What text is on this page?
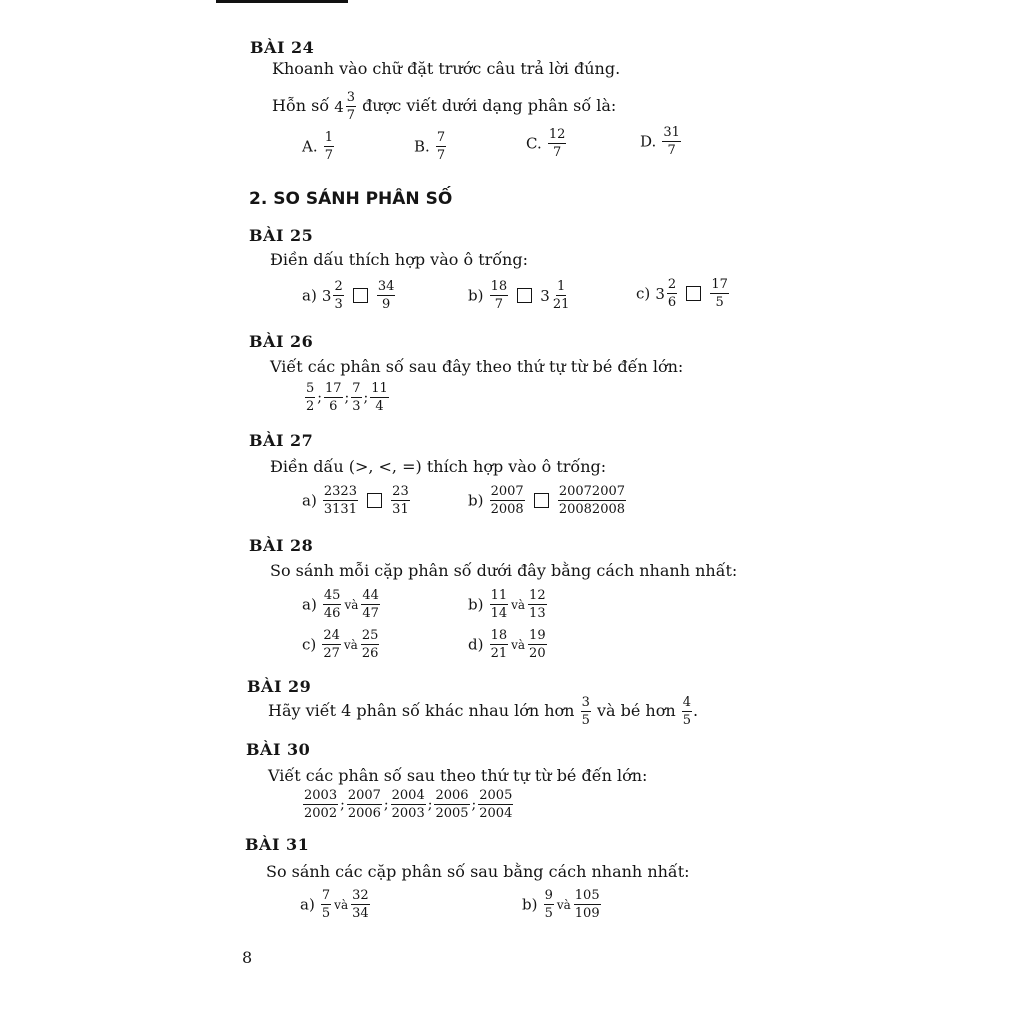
BÀI 24
Khoanh vào chữ đặt trước câu trả lời đúng.
Hỗn số $4 \frac{3}{7}$ được viết dưới dạng phân số là:
A. $\frac{1}{7}$	B. $\frac{7}{7}$	C. $\frac{12}{7}$	D. $\frac{31}{7}$
2. SO SÁNH PHÂN SỐ
BÀI 25
Điền dấu thích hợp vào ô trống:
a) $3 \frac{2}{3}$
	$\frac{34}{9}$	$b) \frac{18}{7} 3 \frac{1}{21}$	c) $3 \frac{2}{6}$
	$\frac{17}{5}$
BÀI 26
Viết các phân số sau đây theo thứ tự từ bé đến lớn:
$\frac{5}{2}$ ; $\frac{17}{6}$ ; $\frac{7}{3}$ ; $\frac{11}{4}$
BÀI 27
Điền dấu (>, <, =) thích hợp vào ô trống:
$a) \frac{2323}{3131}$
	$\frac{23}{31}$	$b) \frac{2007}{2008}$
	$\frac{20072007}{20082008}$
BÀI 28
So sánh mỗi cặp phân số dưới đây bằng cách nhanh nhất:
$a) \frac{45}{46}$ và $\frac{44}{47}$	$b) \frac{11}{14}$ và $\frac{12}{13}$
$c) \frac{24}{27}$ và $\frac{25}{26}$	$d) \frac{18}{21}$ và $\frac{19}{20}$
BÀI 29
Hãy viết 4 phân số khác nhau lớn hơn $\frac{3}{5}$ và bé hơn $\frac{4}{5}$ .
BÀI 30
Viết các phân số sau theo thứ tự từ bé đến lớn:
$\frac{2003}{2002}$ ; $\frac{2007}{2006}$ ; $\frac{2004}{2003}$ ; $\frac{2006}{2005}$ ; $\frac{2005}{2004}$
BÀI 31
So sánh các cặp phân số sau bằng cách nhanh nhất:
$a) \frac{7}{5}$ và $\frac{32}{34}$	$b) \frac{9}{5}$ và $\frac{105}{109}$
8
